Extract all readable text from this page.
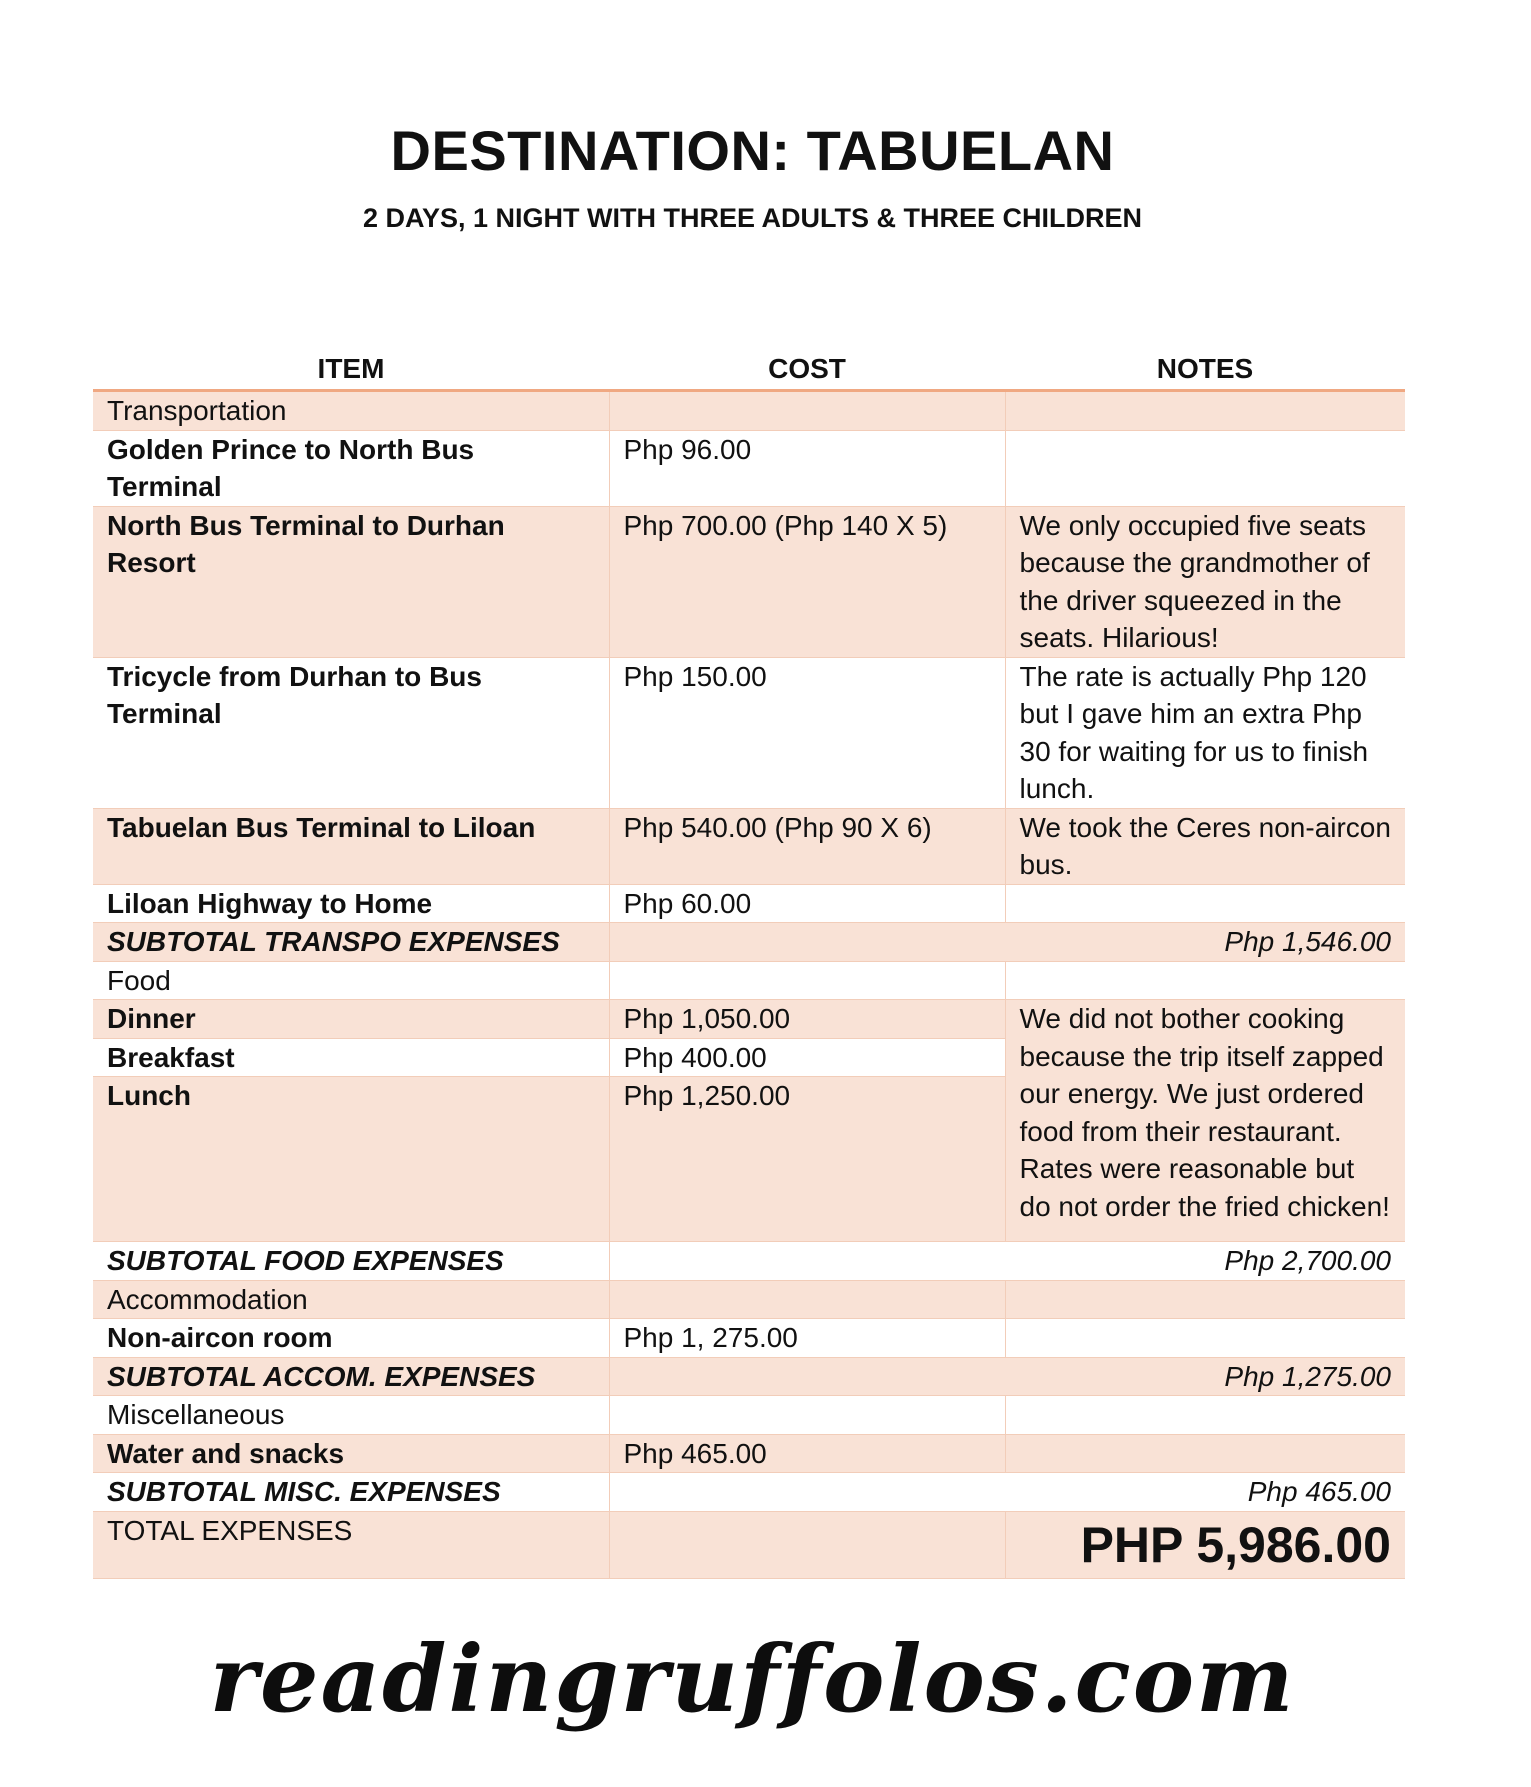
DESTINATION: TABUELAN
2 DAYS, 1 NIGHT WITH THREE ADULTS & THREE CHILDREN
ITEM	COST	NOTES
Transportation		
Golden Prince to North Bus Terminal	Php 96.00	
North Bus Terminal to Durhan Resort	Php 700.00 (Php 140 X 5)	We only occupied five seats because the grandmother of the driver squeezed in the seats. Hilarious!
Tricycle from Durhan to Bus Terminal	Php 150.00	The rate is actually Php 120 but I gave him an extra Php 30 for waiting for us to finish lunch.
Tabuelan Bus Terminal to Liloan	Php 540.00 (Php 90 X 6)	We took the Ceres non-aircon bus.
Liloan Highway to Home	Php 60.00	
SUBTOTAL TRANSPO EXPENSES	Php 1,546.00	
Food		
Dinner	Php 1,050.00	We did not bother cooking because the trip itself zapped our energy. We just ordered food from their restaurant. Rates were reasonable but do not order the fried chicken!
Breakfast	Php 400.00	
Lunch	Php 1,250.00	
SUBTOTAL FOOD EXPENSES	Php 2,700.00	
Accommodation		
Non-aircon room	Php 1, 275.00	
SUBTOTAL ACCOM. EXPENSES	Php 1,275.00	
Miscellaneous		
Water and snacks	Php 465.00	
SUBTOTAL MISC. EXPENSES	Php 465.00	
TOTAL EXPENSES		PHP 5,986.00
readingruffolos.com
